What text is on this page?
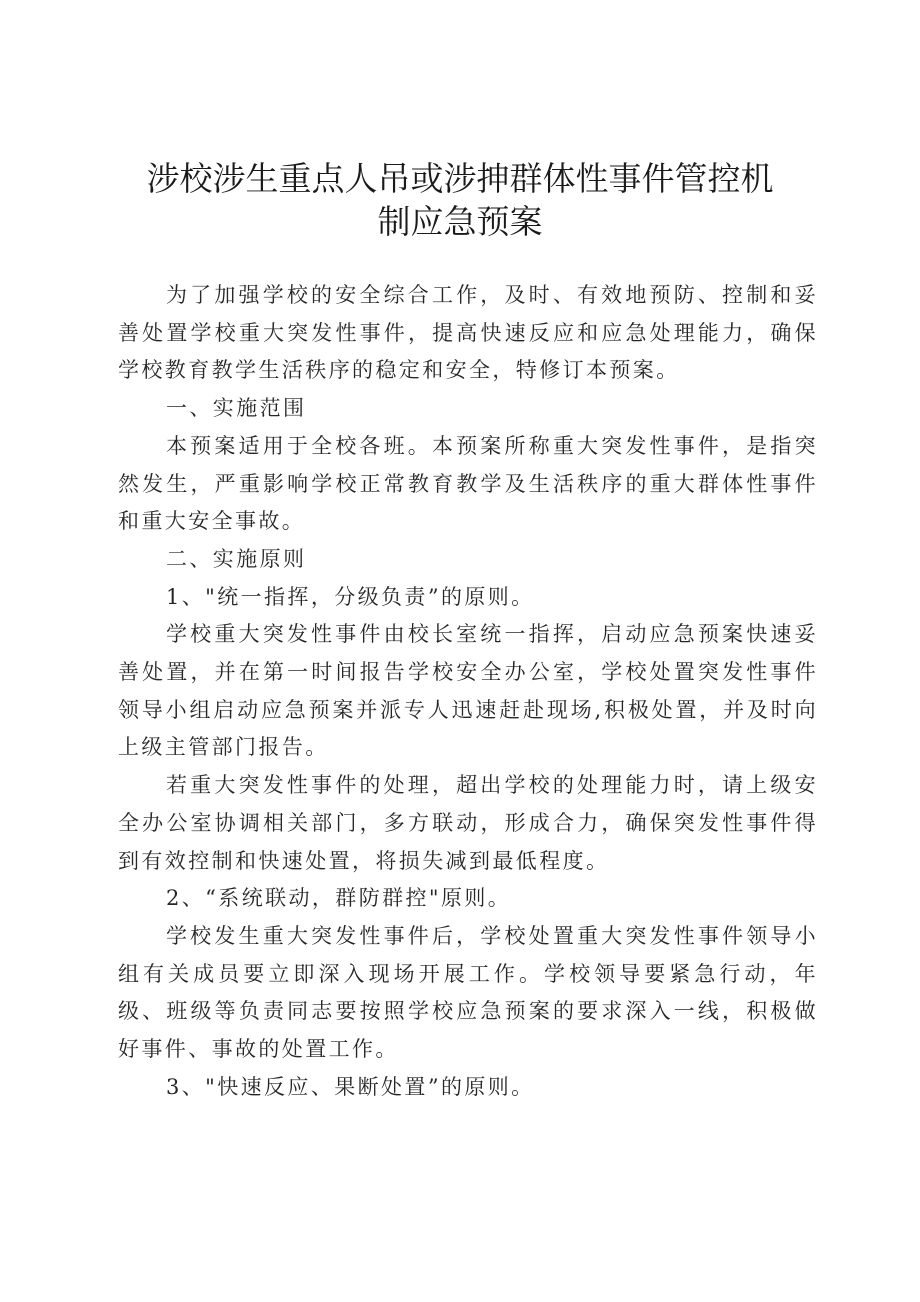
涉校涉生重点人吊或涉抻群体性事件管控机
制应急预案

为了加强学校的安全综合工作，及时、有效地预防、控制和妥善处置学校重大突发性事件，提高快速反应和应急处理能力，确保学校教育教学生活秩序的稳定和安全，特修订本预案。

一、实施范围

本预案适用于全校各班。本预案所称重大突发性事件，是指突然发生，严重影响学校正常教育教学及生活秩序的重大群体性事件和重大安全事故。

二、实施原则

1、"统一指挥，分级负责”的原则。

学校重大突发性事件由校长室统一指挥，启动应急预案快速妥善处置，并在第一时间报告学校安全办公室，学校处置突发性事件领导小组启动应急预案并派专人迅速赶赴现场,积极处置，并及时向上级主管部门报告。

若重大突发性事件的处理，超出学校的处理能力时，请上级安全办公室协调相关部门，多方联动，形成合力，确保突发性事件得到有效控制和快速处置，将损失减到最低程度。

2、“系统联动，群防群控"原则。

学校发生重大突发性事件后，学校处置重大突发性事件领导小组有关成员要立即深入现场开展工作。学校领导要紧急行动，年级、班级等负责同志要按照学校应急预案的要求深入一线，积极做好事件、事故的处置工作。

3、"快速反应、果断处置”的原则。
